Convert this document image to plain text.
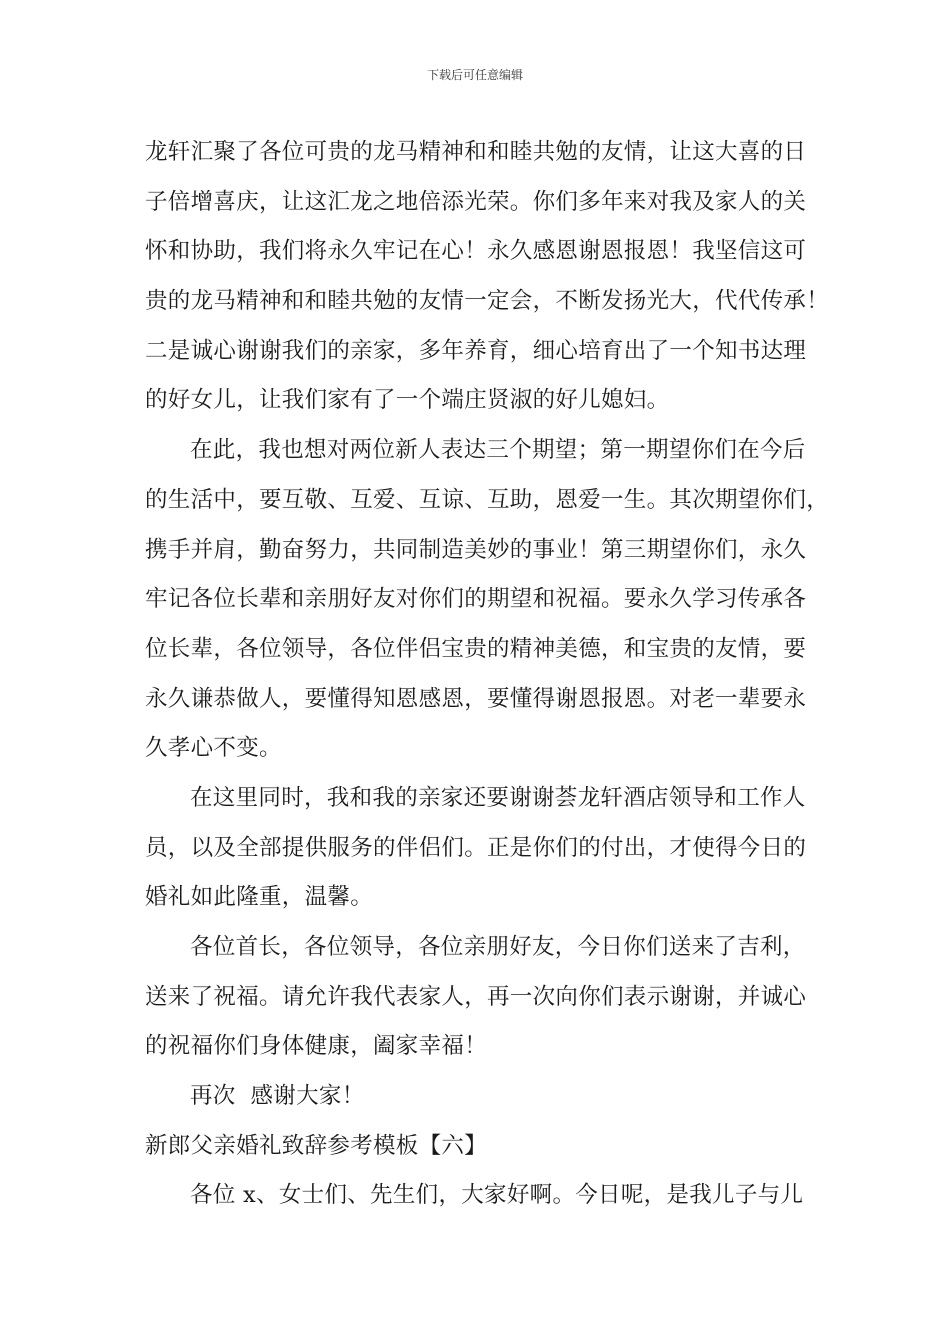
下载后可任意编辑
龙轩汇聚了各位可贵的龙马精神和和睦共勉的友情，让这大喜的日
子倍增喜庆，让这汇龙之地倍添光荣。你们多年来对我及家人的关
怀和协助，我们将永久牢记在心！永久感恩谢恩报恩！我坚信这可
贵的龙马精神和和睦共勉的友情一定会，不断发扬光大，代代传承！
二是诚心谢谢我们的亲家，多年养育，细心培育出了一个知书达理
的好女儿，让我们家有了一个端庄贤淑的好儿媳妇。
在此，我也想对两位新人表达三个期望；第一期望你们在今后
的生活中，要互敬、互爱、互谅、互助，恩爱一生。其次期望你们，
携手并肩，勤奋努力，共同制造美妙的事业！第三期望你们，永久
牢记各位长辈和亲朋好友对你们的期望和祝福。要永久学习传承各
位长辈，各位领导，各位伴侣宝贵的精神美德，和宝贵的友情，要
永久谦恭做人，要懂得知恩感恩，要懂得谢恩报恩。对老一辈要永
久孝心不变。
在这里同时，我和我的亲家还要谢谢荟龙轩酒店领导和工作人
员，以及全部提供服务的伴侣们。正是你们的付出，才使得今日的
婚礼如此隆重，温馨。
各位首长，各位领导，各位亲朋好友，今日你们送来了吉利，
送来了祝福。请允许我代表家人，再一次向你们表示谢谢，并诚心
的祝福你们身体健康，阖家幸福！
再次  感谢大家！
新郎父亲婚礼致辞参考模板【六】
各位 x、女士们、先生们，大家好啊。今日呢，是我儿子与儿
